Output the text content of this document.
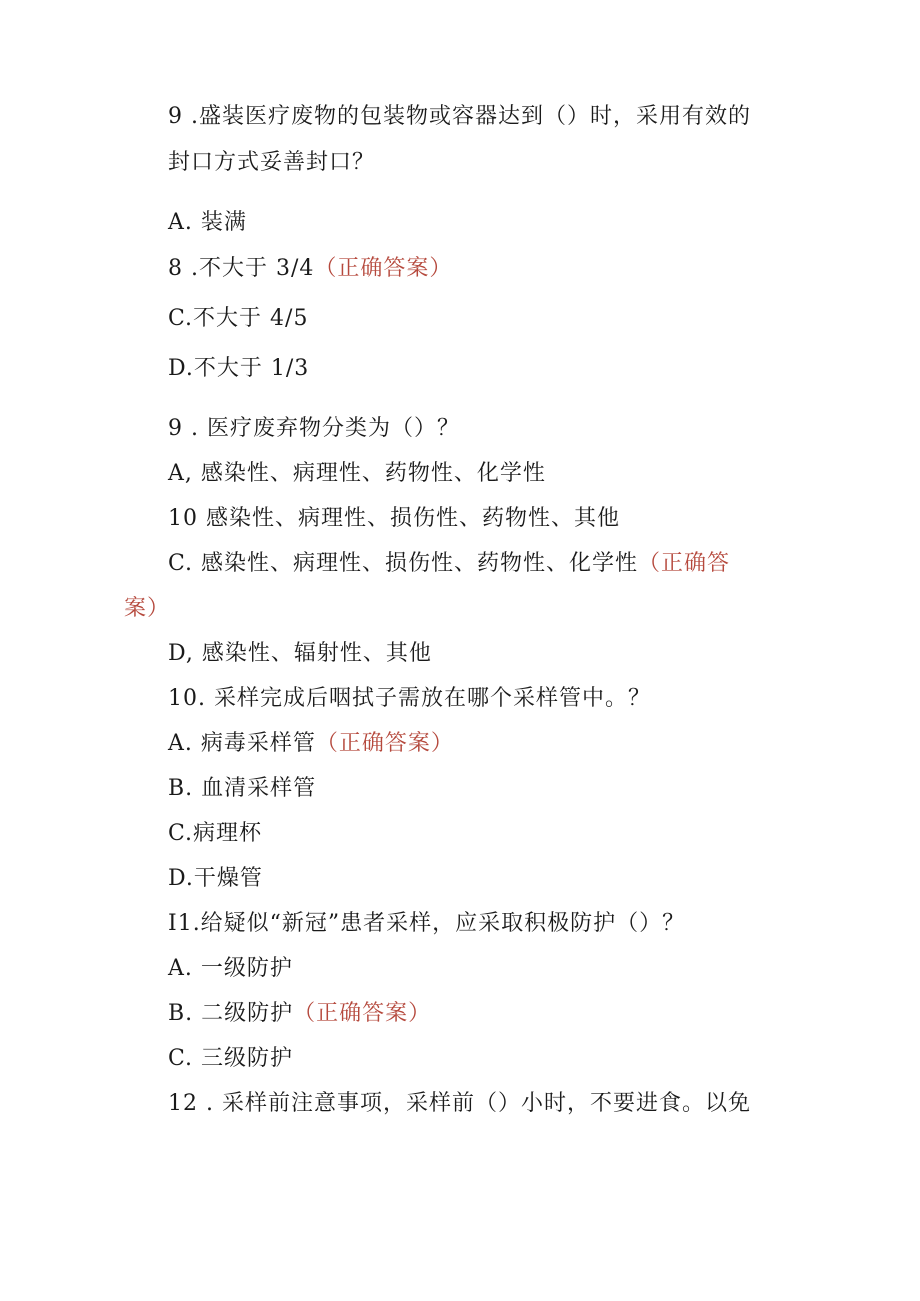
9 .盛装医疗废物的包装物或容器达到（）时，采用有效的
封口方式妥善封口？
A. 装满
8 .不大于 3/4（正确答案）
C.不大于 4/5
D.不大于 1/3
9 . 医疗废弃物分类为（）？
A, 感染性、病理性、药物性、化学性
10 感染性、病理性、损伤性、药物性、其他
C. 感染性、病理性、损伤性、药物性、化学性（正确答
案）
D, 感染性、辐射性、其他
10. 采样完成后咽拭子需放在哪个采样管中。？
A. 病毒采样管（正确答案）
B. 血清采样管
C.病理杯
D.干燥管
I1.给疑似“新冠”患者采样，应采取积极防护（）？
A. 一级防护
B. 二级防护（正确答案）
C. 三级防护
12 . 采样前注意事项，采样前（）小时，不要进食。以免
